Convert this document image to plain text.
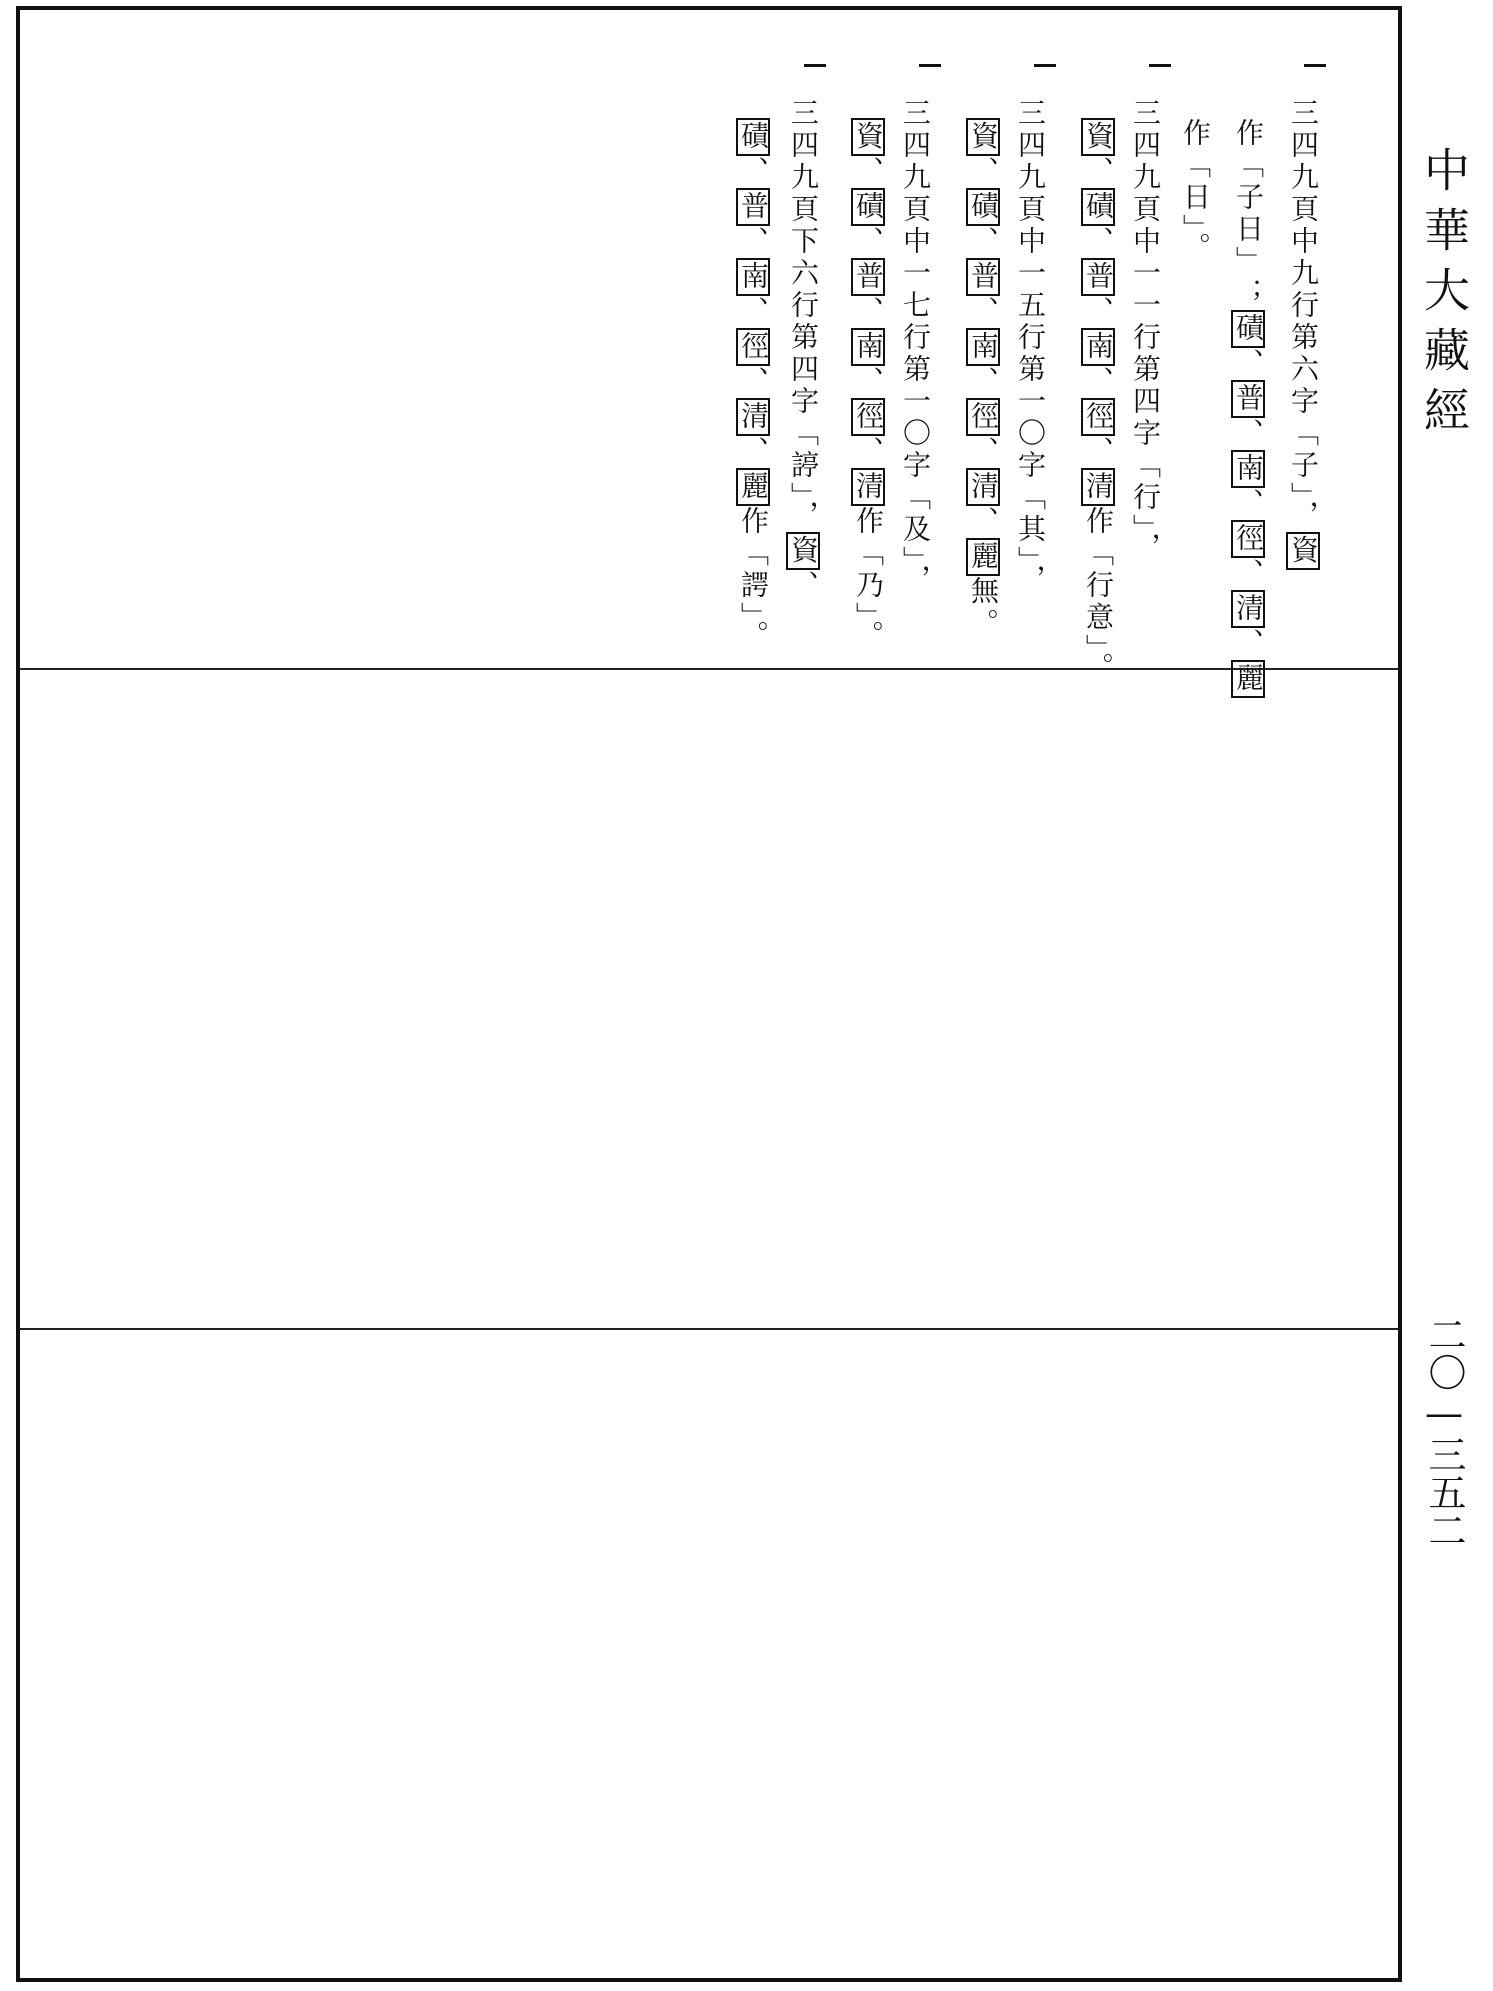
中華大藏經
二〇—三五二
三四九頁中九行第六字「子」，資
作「子日」；磧、普、南、徑、清、麗
作「日」。
三四九頁中一一行第四字「行」，
資、磧、普、南、徑、清作「行意」。
三四九頁中一五行第一〇字「其」，
資、磧、普、南、徑、清、麗無。
三四九頁中一七行第一〇字「及」，
資、磧、普、南、徑、清作「乃」。
三四九頁下六行第四字「諪」，資、
磧、普、南、徑、清、麗作「諤」。
